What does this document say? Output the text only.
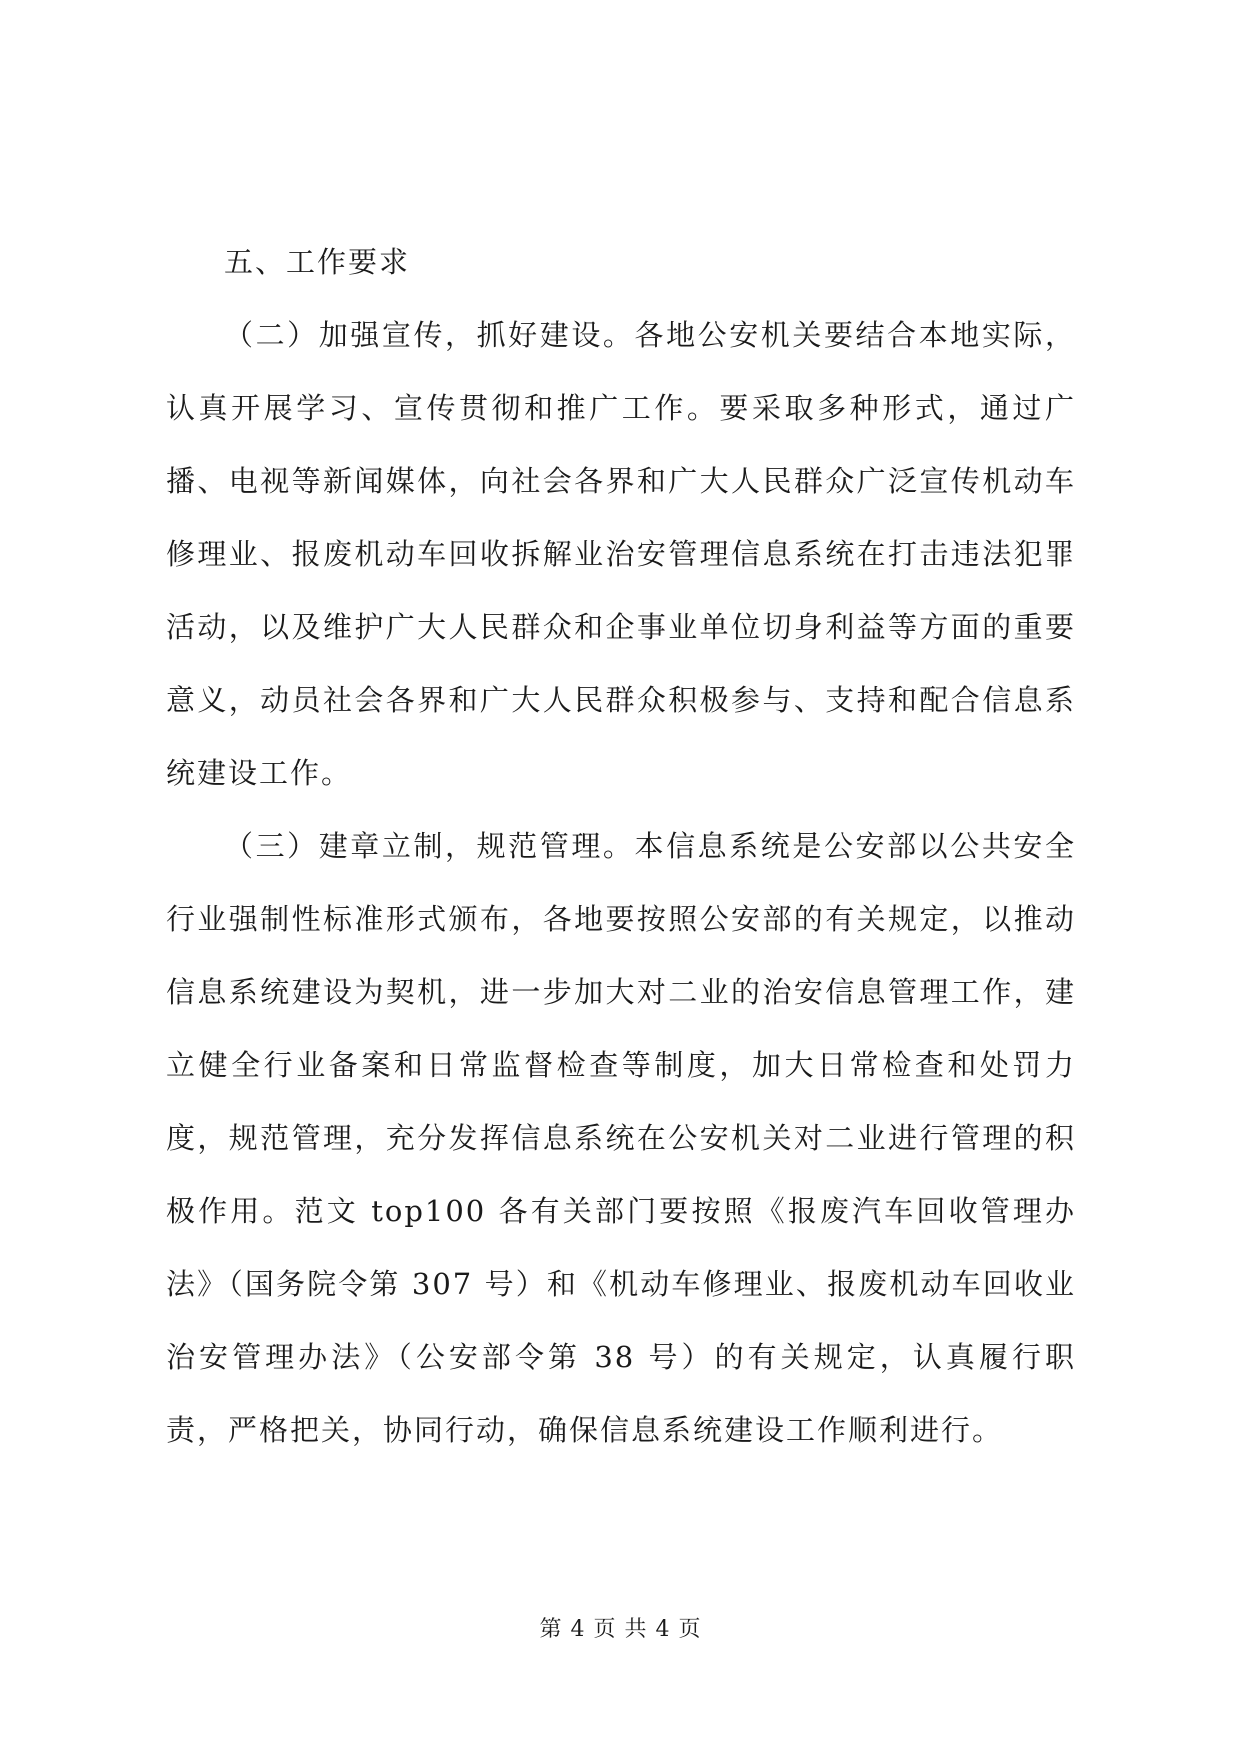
五、工作要求

（二）加强宣传，抓好建设。各地公安机关要结合本地实际，认真开展学习、宣传贯彻和推广工作。要采取多种形式，通过广播、电视等新闻媒体，向社会各界和广大人民群众广泛宣传机动车修理业、报废机动车回收拆解业治安管理信息系统在打击违法犯罪活动，以及维护广大人民群众和企事业单位切身利益等方面的重要意义，动员社会各界和广大人民群众积极参与、支持和配合信息系统建设工作。

（三）建章立制，规范管理。本信息系统是公安部以公共安全行业强制性标准形式颁布，各地要按照公安部的有关规定，以推动信息系统建设为契机，进一步加大对二业的治安信息管理工作，建立健全行业备案和日常监督检查等制度，加大日常检查和处罚力度，规范管理，充分发挥信息系统在公安机关对二业进行管理的积极作用。范文 top100 各有关部门要按照《报废汽车回收管理办法》（国务院令第 307 号）和《机动车修理业、报废机动车回收业治安管理办法》（公安部令第 38 号）的有关规定，认真履行职责，严格把关，协同行动，确保信息系统建设工作顺利进行。

第 4 页 共 4 页
